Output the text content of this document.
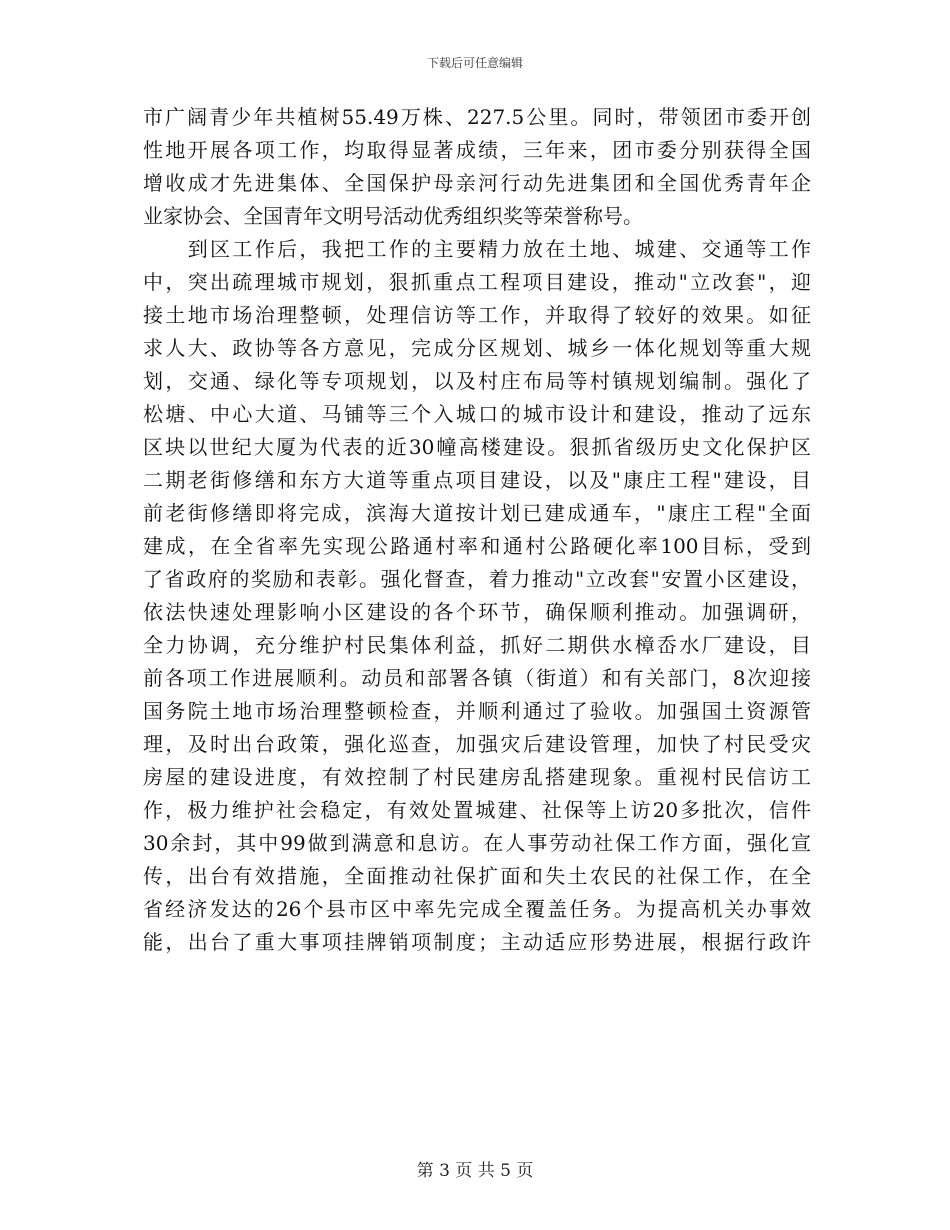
下载后可任意编辑
市广阔青少年共植树55.49万株、227.5公里。同时，带领团市委开创
性地开展各项工作，均取得显著成绩，三年来，团市委分别获得全国
增收成才先进集体、全国保护母亲河行动先进集团和全国优秀青年企
业家协会、全国青年文明号活动优秀组织奖等荣誉称号。
　　到区工作后，我把工作的主要精力放在土地、城建、交通等工作
中，突出疏理城市规划，狠抓重点工程项目建设，推动"立改套"，迎
接土地市场治理整顿，处理信访等工作，并取得了较好的效果。如征
求人大、政协等各方意见，完成分区规划、城乡一体化规划等重大规
划，交通、绿化等专项规划，以及村庄布局等村镇规划编制。强化了
松塘、中心大道、马铺等三个入城口的城市设计和建设，推动了远东
区块以世纪大厦为代表的近30幢高楼建设。狠抓省级历史文化保护区
二期老街修缮和东方大道等重点项目建设，以及"康庄工程"建设，目
前老街修缮即将完成，滨海大道按计划已建成通车，"康庄工程"全面
建成，在全省率先实现公路通村率和通村公路硬化率100目标，受到
了省政府的奖励和表彰。强化督查，着力推动"立改套"安置小区建设，
依法快速处理影响小区建设的各个环节，确保顺利推动。加强调研，
全力协调，充分维护村民集体利益，抓好二期供水樟岙水厂建设，目
前各项工作进展顺利。动员和部署各镇（街道）和有关部门，8次迎接
国务院土地市场治理整顿检查，并顺利通过了验收。加强国土资源管
理，及时出台政策，强化巡查，加强灾后建设管理，加快了村民受灾
房屋的建设进度，有效控制了村民建房乱搭建现象。重视村民信访工
作，极力维护社会稳定，有效处置城建、社保等上访20多批次，信件
30余封，其中99做到满意和息访。在人事劳动社保工作方面，强化宣
传，出台有效措施，全面推动社保扩面和失土农民的社保工作，在全
省经济发达的26个县市区中率先完成全覆盖任务。为提高机关办事效
能，出台了重大事项挂牌销项制度；主动适应形势进展，根据行政许
第 3 页 共 5 页
